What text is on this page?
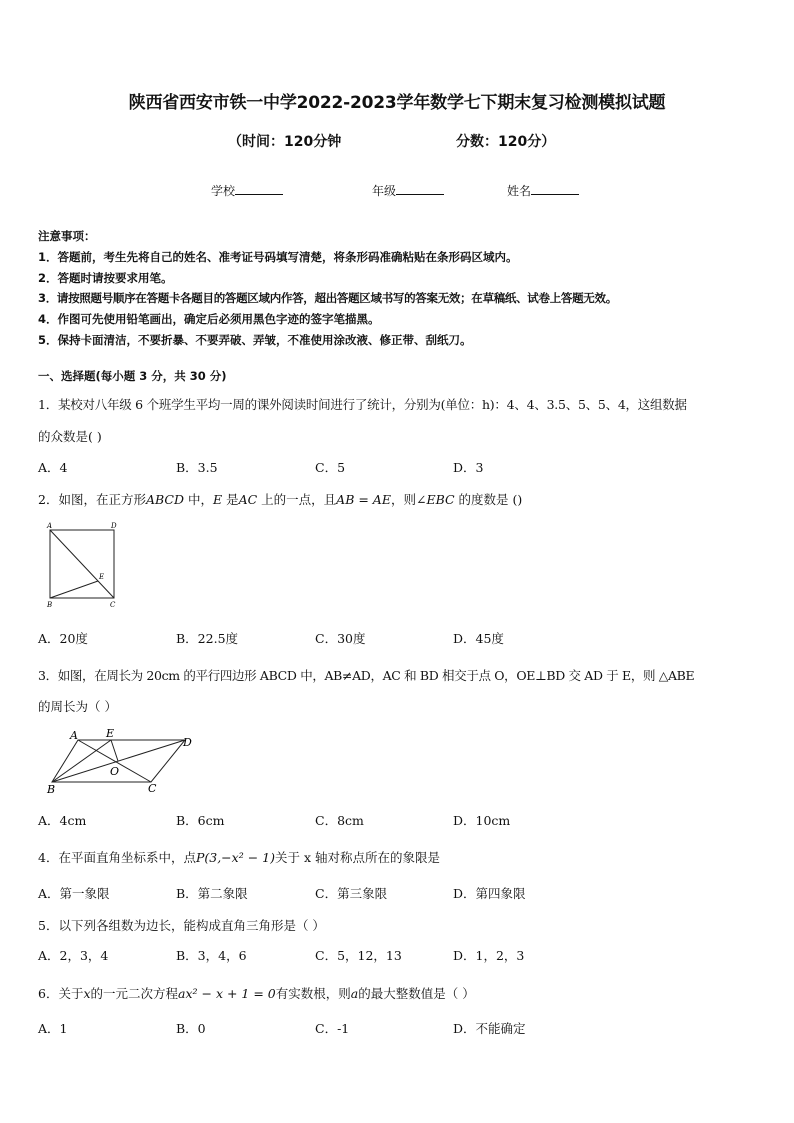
陕西省西安市铁一中学2022-2023学年数学七下期末复习检测模拟试题
（时间：120分钟	分数：120分）
学校	年级	姓名
注意事项：
1．答题前，考生先将自己的姓名、准考证号码填写清楚，将条形码准确粘贴在条形码区域内。
2．答题时请按要求用笔。
3．请按照题号顺序在答题卡各题目的答题区域内作答，超出答题区域书写的答案无效；在草稿纸、试卷上答题无效。
4．作图可先使用铅笔画出，确定后必须用黑色字迹的签字笔描黑。
5．保持卡面清洁，不要折暴、不要弄破、弄皱，不准使用涂改液、修正带、刮纸刀。
一、选择题(每小题 3 分，共 30 分)
1．某校对八年级 6 个班学生平均一周的课外阅读时间进行了统计，分别为(单位：h)：4、4、3.5、5、5、4，这组数据
的众数是( )
A．4	B．3.5	C．5	D．3
2．如图，在正方形ABCD 中，E 是AC 上的一点，且AB = AE，则∠EBC 的度数是 ()
A	D
B	C
E
A．20度	B．22.5度	C．30度	D．45度
3．如图，在周长为 20cm 的平行四边形 ABCD 中，AB≠AD，AC 和 BD 相交于点 O，OE⊥BD 交 AD 于 E，则 △ABE
的周长为（ ）
A	E
D
O
B	C
A．4cm	B．6cm	C．8cm	D．10cm
4．在平面直角坐标系中，点P(3,−x² − 1)关于 x 轴对称点所在的象限是
A．第一象限	B．第二象限	C．第三象限	D．第四象限
5．以下列各组数为边长，能构成直角三角形是（ ）
A．2，3，4	B．3，4，6	C．5，12，13	D．1，2，3
6．关于x的一元二次方程ax² − x + 1 = 0有实数根，则a的最大整数值是（ ）
A．1	B．0	C．-1	D．不能确定
